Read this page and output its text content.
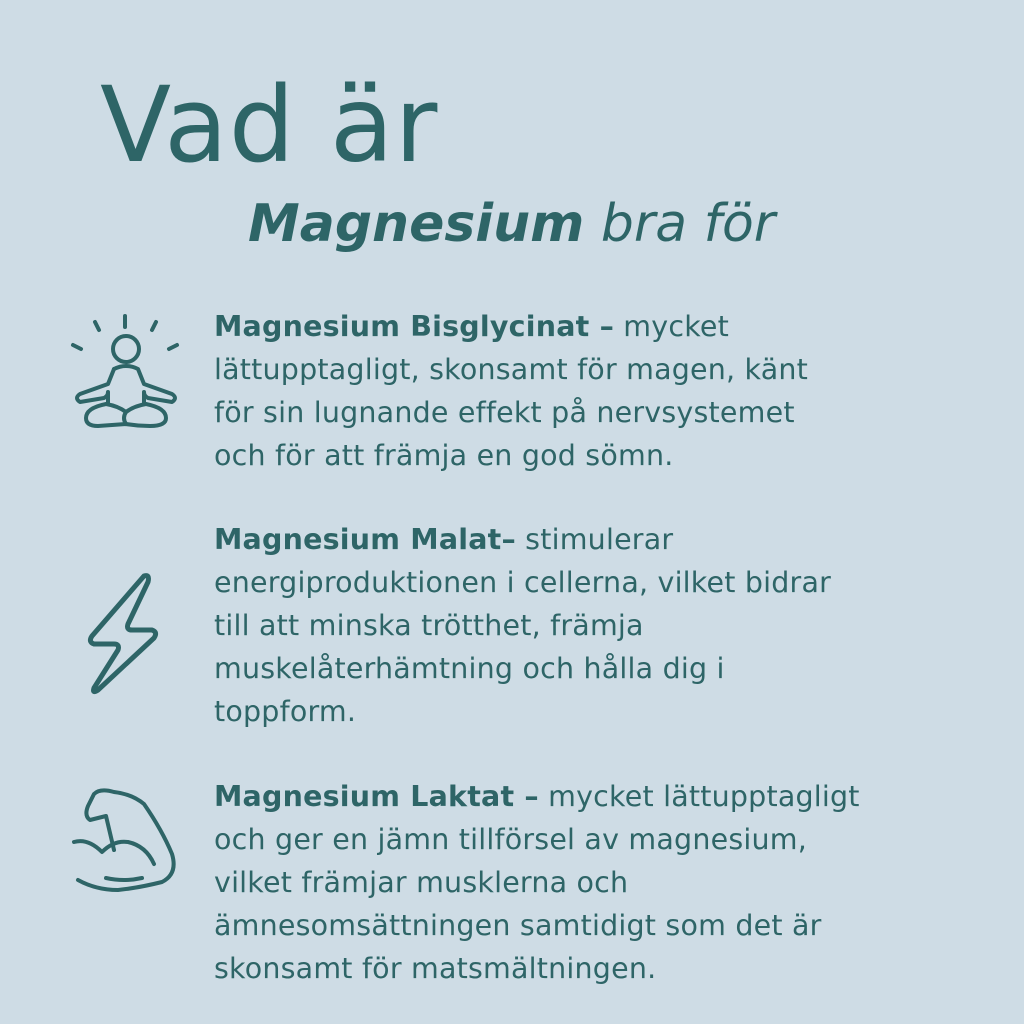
Vad är
Magnesium bra för
Magnesium Bisglycinat – mycket
lättupptagligt, skonsamt för magen, känt
för sin lugnande effekt på nervsystemet
och för att främja en god sömn.
Magnesium Malat– stimulerar
energiproduktionen i cellerna, vilket bidrar
till att minska trötthet, främja
muskelåterhämtning och hålla dig i
toppform.
Magnesium Laktat – mycket lättupptagligt
och ger en jämn tillförsel av magnesium,
vilket främjar musklerna och
ämnesomsättningen samtidigt som det är
skonsamt för matsmältningen.
